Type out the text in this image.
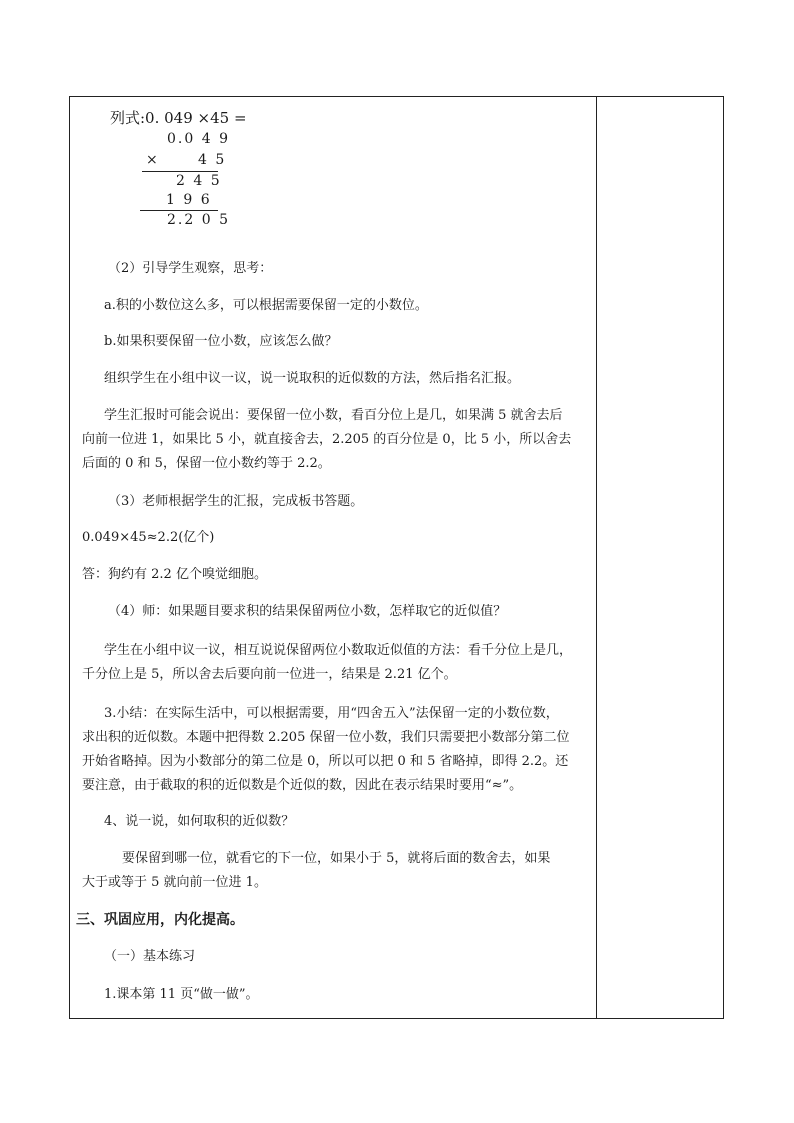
列式:0. 049 ×45 =
0.0 4 9
×	4 5
2 4 5
1 9 6
2.2 0 5
（2）引导学生观察，思考：
a.积的小数位这么多，可以根据需要保留一定的小数位。
b.如果积要保留一位小数，应该怎么做？
组织学生在小组中议一议，说一说取积的近似数的方法，然后指名汇报。
学生汇报时可能会说出：要保留一位小数，看百分位上是几，如果满 5 就舍去后
向前一位进 1，如果比 5 小，就直接舍去，2.205 的百分位是 0，比 5 小，所以舍去
后面的 0 和 5，保留一位小数约等于 2.2。
（3）老师根据学生的汇报，完成板书答题。
0.049×45≈2.2(亿个)
答：狗约有 2.2 亿个嗅觉细胞。
（4）师：如果题目要求积的结果保留两位小数，怎样取它的近似值？
学生在小组中议一议，相互说说保留两位小数取近似值的方法：看千分位上是几，
千分位上是 5，所以舍去后要向前一位进一，结果是 2.21 亿个。
3.小结：在实际生活中，可以根据需要，用“四舍五入”法保留一定的小数位数，
求出积的近似数。本题中把得数 2.205 保留一位小数，我们只需要把小数部分第二位
开始省略掉。因为小数部分的第二位是 0，所以可以把 0 和 5 省略掉，即得 2.2。还
要注意，由于截取的积的近似数是个近似的数，因此在表示结果时要用“≈”。
4、说一说，如何取积的近似数？
要保留到哪一位，就看它的下一位，如果小于 5，就将后面的数舍去，如果
大于或等于 5 就向前一位进 1。
三、巩固应用，内化提高。
（一）基本练习
1.课本第 11 页“做一做”。
